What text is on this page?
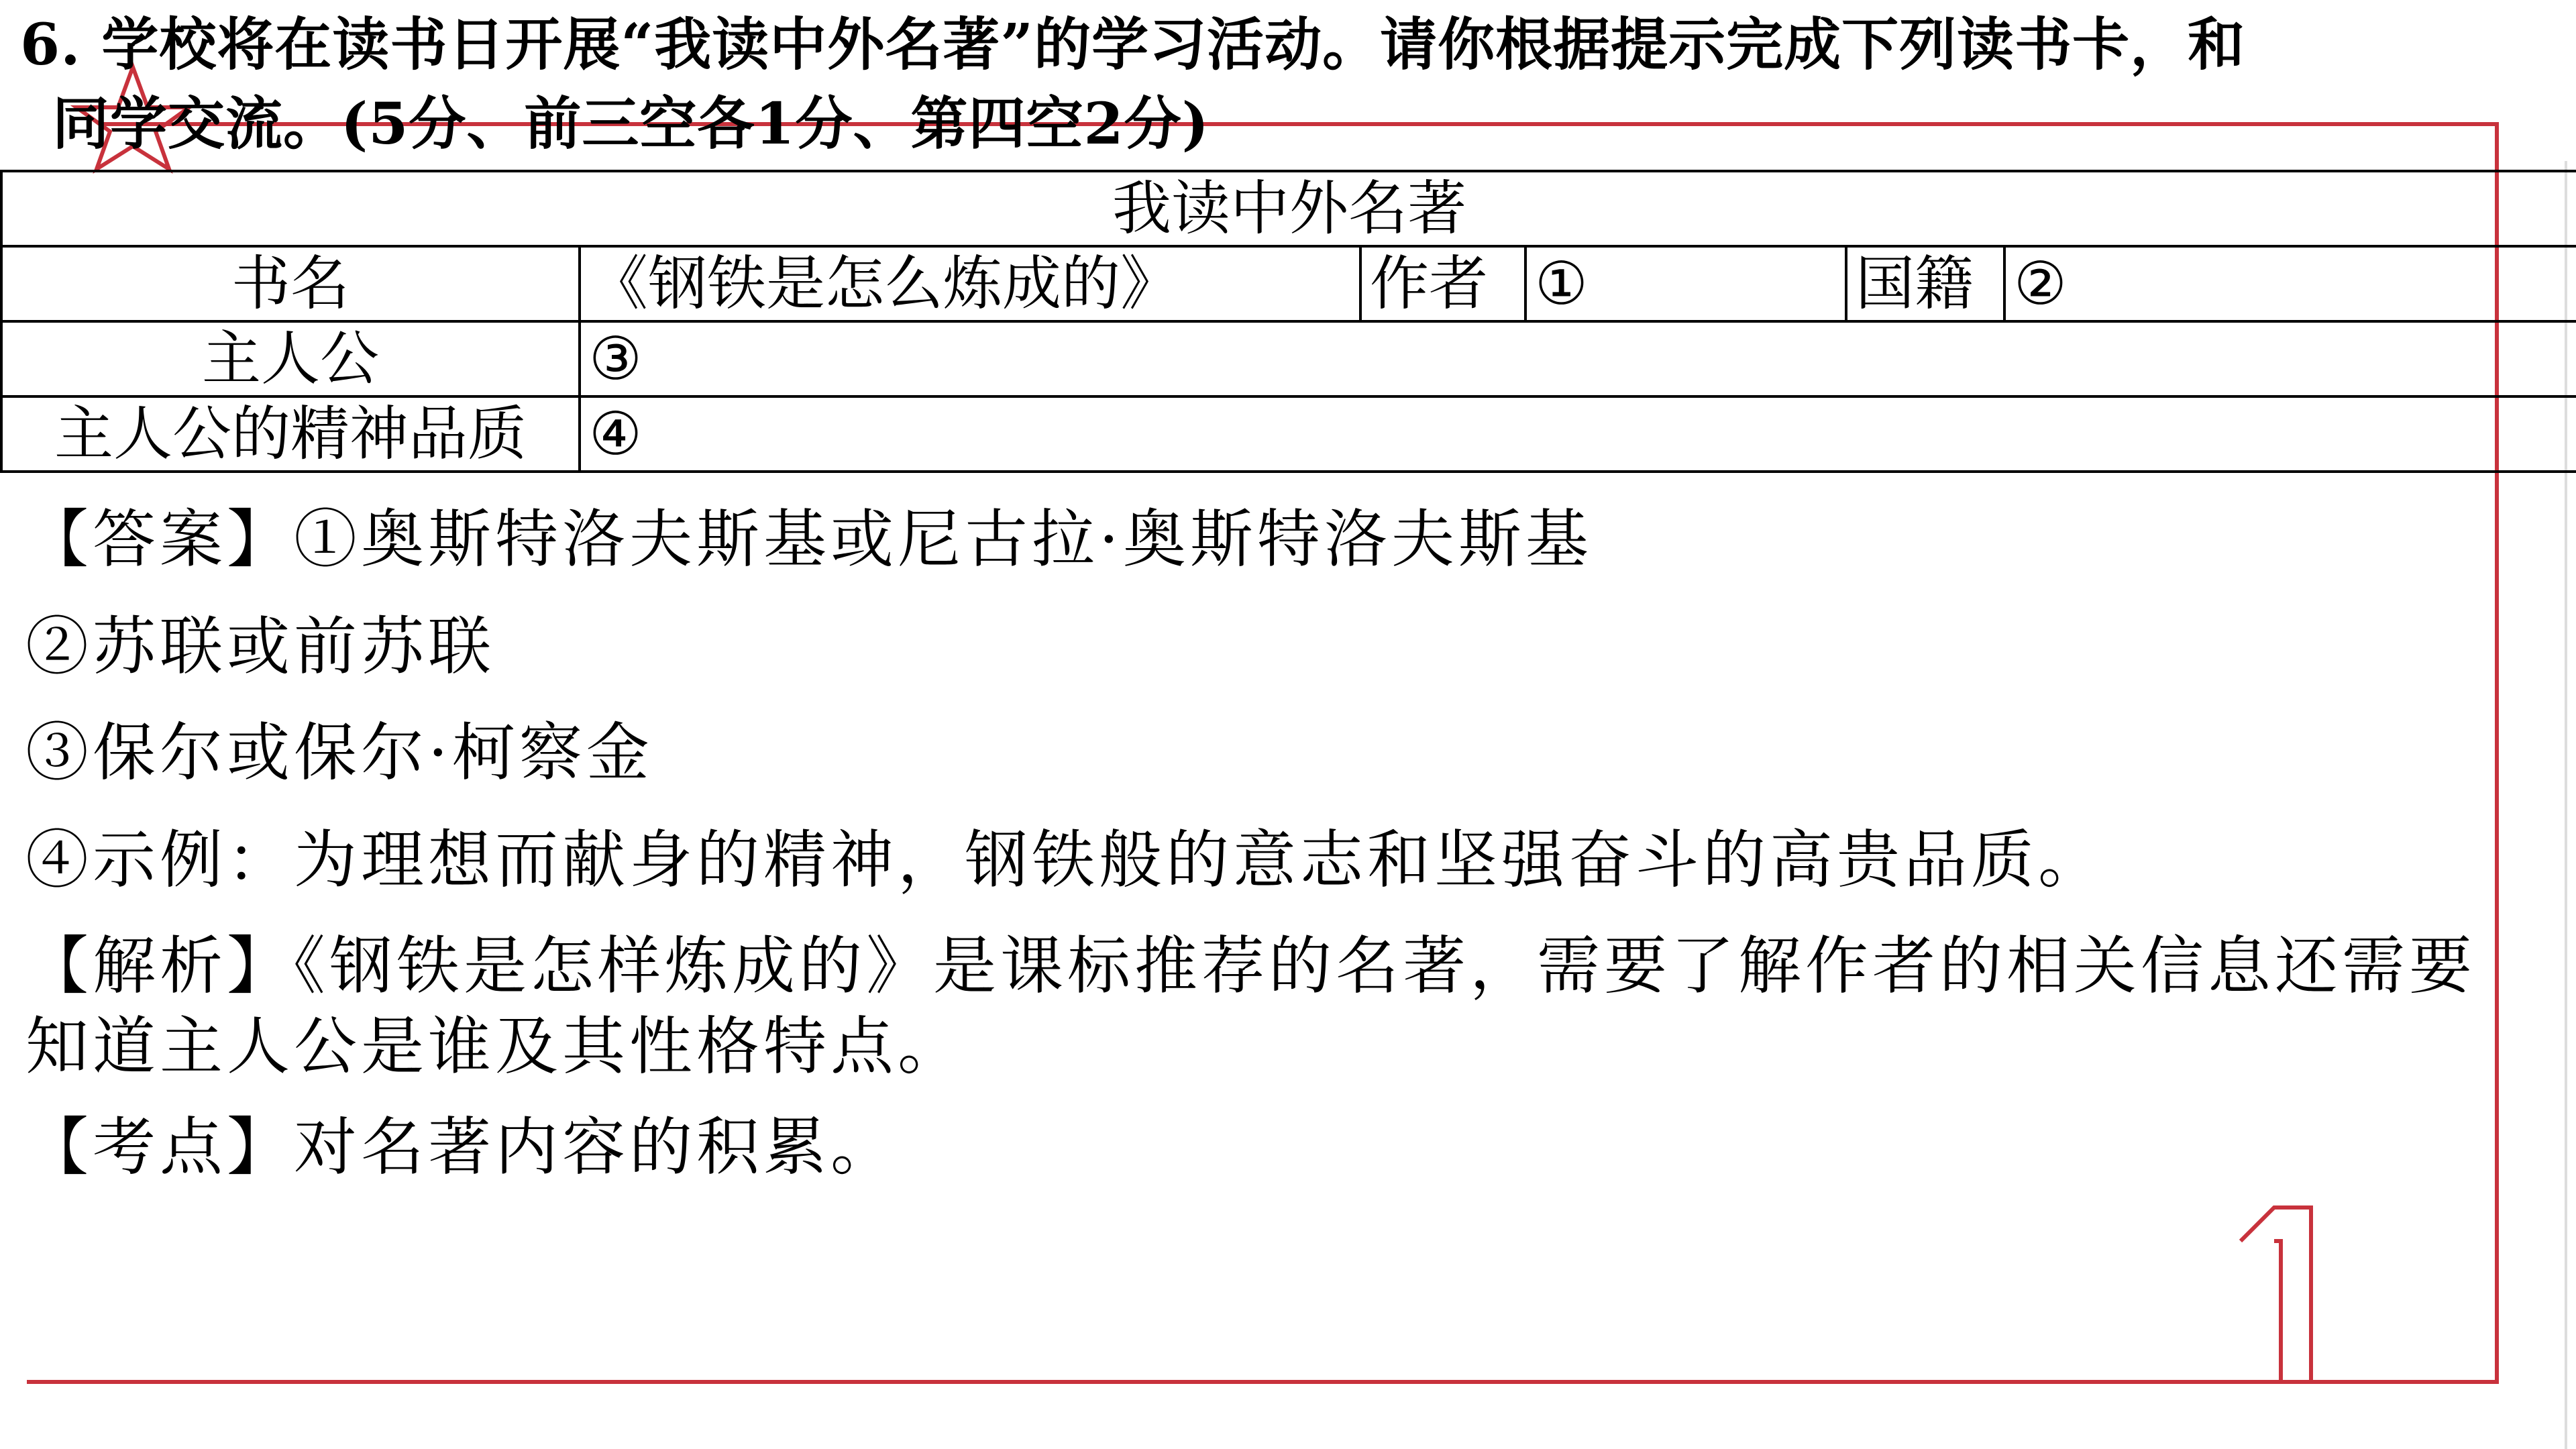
6. 学校将在读书日开展“我读中外名著”的学习活动。请你根据提示完成下列读书卡，和
同学交流。(5分、前三空各1分、第四空2分)
我读中外名著					
书名	《钢铁是怎么炼成的》	作者	①	国籍	②
主人公	③				
主人公的精神品质	④				

【答案】①奥斯特洛夫斯基或尼古拉·奥斯特洛夫斯基

②苏联或前苏联

③保尔或保尔·柯察金

④示例：为理想而献身的精神，钢铁般的意志和坚强奋斗的高贵品质。

【解析】《钢铁是怎样炼成的》是课标推荐的名著，需要了解作者的相关信息还需要知道主人公是谁及其性格特点。

【考点】对名著内容的积累。
